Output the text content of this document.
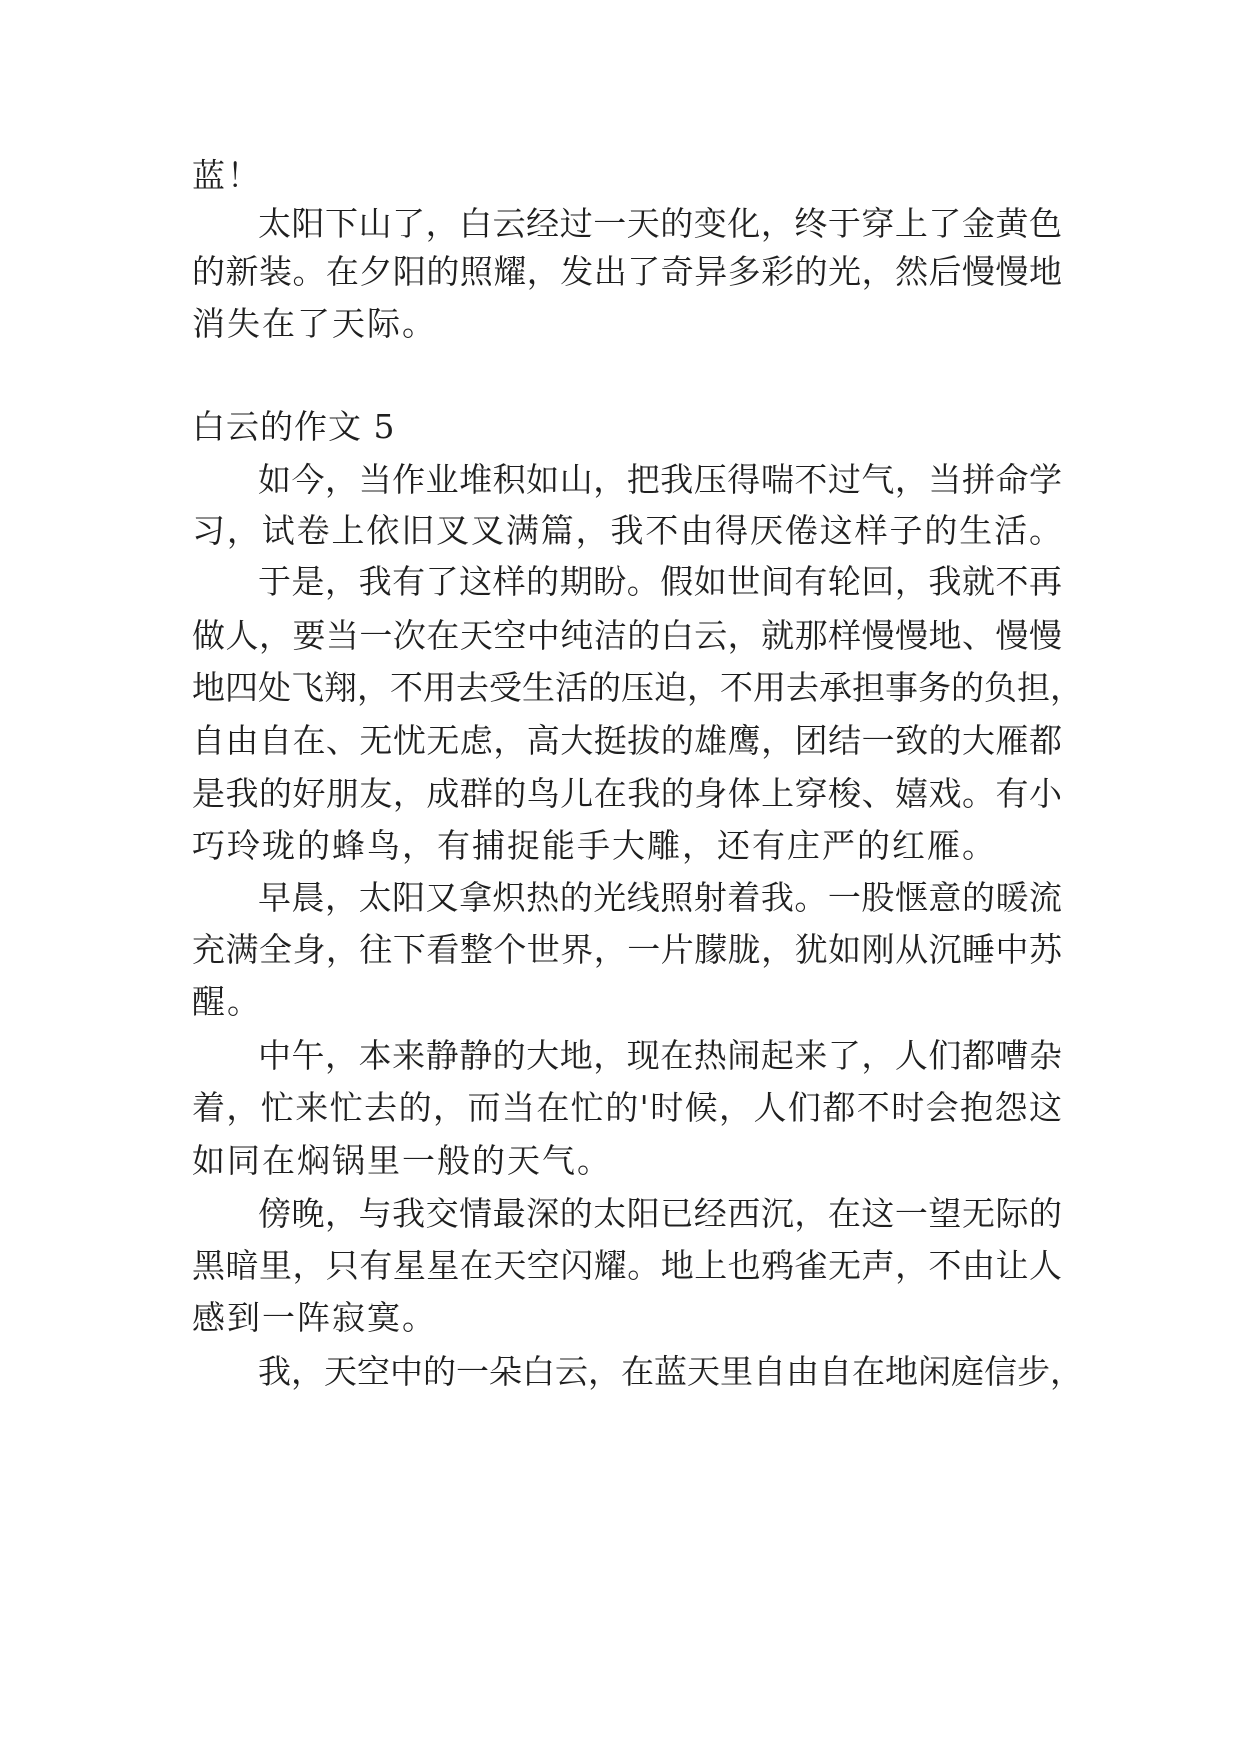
蓝！
太阳下山了，白云经过一天的变化，终于穿上了金黄色
的新装。在夕阳的照耀，发出了奇异多彩的光，然后慢慢地
消失在了天际。
白云的作文 5
如今，当作业堆积如山，把我压得喘不过气，当拼命学
习，试卷上依旧叉叉满篇，我不由得厌倦这样子的生活。
于是，我有了这样的期盼。假如世间有轮回，我就不再
做人，要当一次在天空中纯洁的白云，就那样慢慢地、慢慢
地四处飞翔，不用去受生活的压迫，不用去承担事务的负担，
自由自在、无忧无虑，高大挺拔的雄鹰，团结一致的大雁都
是我的好朋友，成群的鸟儿在我的身体上穿梭、嬉戏。有小
巧玲珑的蜂鸟，有捕捉能手大雕，还有庄严的红雁。
早晨，太阳又拿炽热的光线照射着我。一股惬意的暖流
充满全身，往下看整个世界，一片朦胧，犹如刚从沉睡中苏
醒。
中午，本来静静的大地，现在热闹起来了，人们都嘈杂
着，忙来忙去的，而当在忙的'时候，人们都不时会抱怨这
如同在焖锅里一般的天气。
傍晚，与我交情最深的太阳已经西沉，在这一望无际的
黑暗里，只有星星在天空闪耀。地上也鸦雀无声，不由让人
感到一阵寂寞。
我，天空中的一朵白云，在蓝天里自由自在地闲庭信步，
